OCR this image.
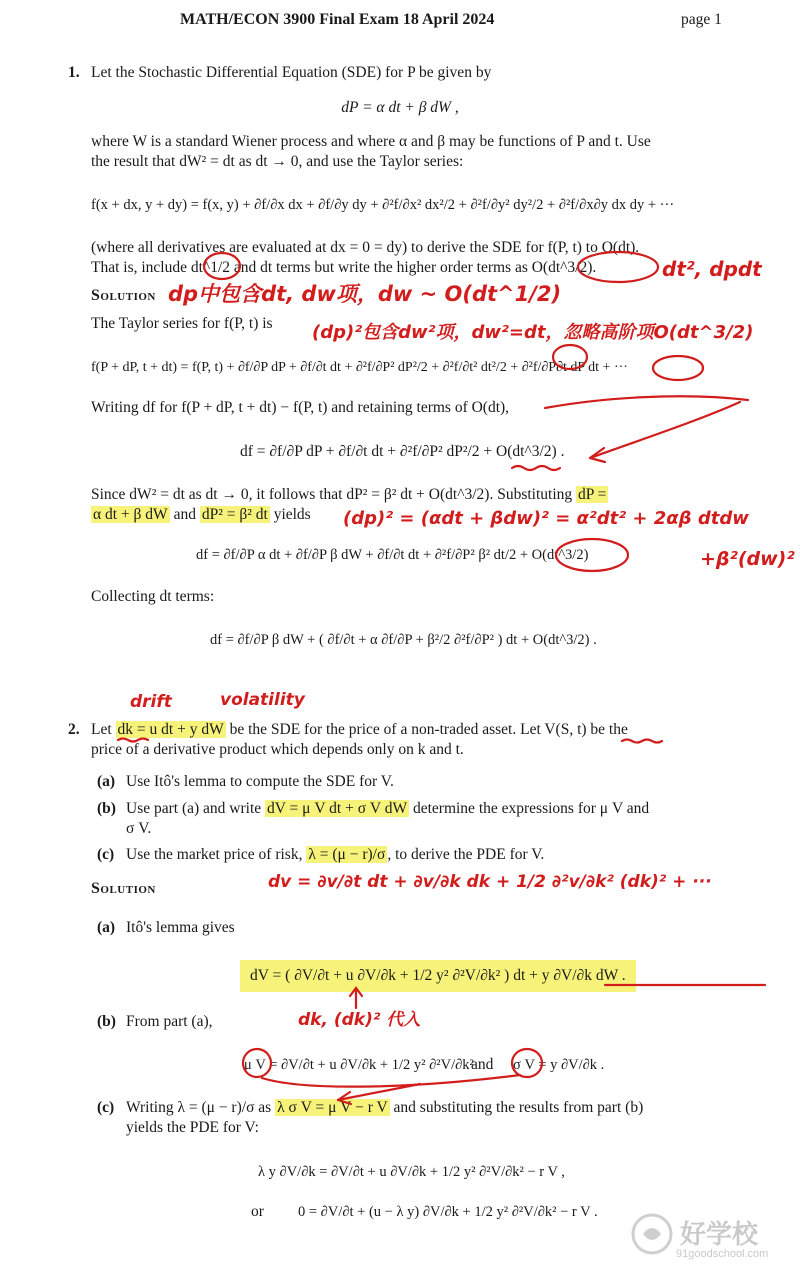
MATH/ECON 3900 Final Exam 18 April 2024	page 1
1. Let the Stochastic Differential Equation (SDE) for P be given by
dP = α dt + β dW ,
where W is a standard Wiener process and where α and β may be functions of P and t. Use
the result that dW² = dt as dt → 0, and use the Taylor series:
f(x + dx, y + dy) = f(x, y) + ∂f/∂x dx + ∂f/∂y dy + ∂²f/∂x² dx²/2 + ∂²f/∂y² dy²/2 + ∂²f/∂x∂y dx dy + ···
(where all derivatives are evaluated at dx = 0 = dy) to derive the SDE for f(P, t) to O(dt).
That is, include dt^1/2 and dt terms but write the higher order terms as O(dt^3/2).
Solution
The Taylor series for f(P, t) is
f(P + dP, t + dt) = f(P, t) + ∂f/∂P dP + ∂f/∂t dt + ∂²f/∂P² dP²/2 + ∂²f/∂t² dt²/2 + ∂²f/∂P∂t dP dt + ···
Writing df for f(P + dP, t + dt) − f(P, t) and retaining terms of O(dt),
df = ∂f/∂P dP + ∂f/∂t dt + ∂²f/∂P² dP²/2 + O(dt^3/2) .
Since dW² = dt as dt → 0, it follows that dP² = β² dt + O(dt^3/2). Substituting dP =
α dt + β dW and dP² = β² dt yields
df = ∂f/∂P α dt + ∂f/∂P β dW + ∂f/∂t dt + ∂²f/∂P² β² dt/2 + O(dt^3/2)
Collecting dt terms:
df = ∂f/∂P β dW + ( ∂f/∂t + α ∂f/∂P + β²/2 ∂²f/∂P² ) dt + O(dt^3/2) .
2. Let dk = u dt + y dW be the SDE for the price of a non-traded asset. Let V(S, t) be the
price of a derivative product which depends only on k and t.
(a) Use Itô's lemma to compute the SDE for V.
(b) Use part (a) and write dV = μ V dt + σ V dW determine the expressions for μ V and
σ V.
(c) Use the market price of risk, λ = (μ − r)/σ , to derive the PDE for V.
Solution
(a) Itô's lemma gives
dV = ( ∂V/∂t + u ∂V/∂k + 1/2 y² ∂²V/∂k² ) dt + y ∂V/∂k dW .
(b) From part (a),
μ V = ∂V/∂t + u ∂V/∂k + 1/2 y² ∂²V/∂k²
and σ V = y ∂V/∂k .
(c) Writing λ = (μ − r)/σ as λ σ V = μ V − r V and substituting the results from part (b)
yields the PDE for V:
λ y ∂V/∂k = ∂V/∂t + u ∂V/∂k + 1/2 y² ∂²V/∂k² − r V ,
or 0 = ∂V/∂t + (u − λ y) ∂V/∂k + 1/2 y² ∂²V/∂k² − r V .
dt², dpdt
dp中包含dt, dw项，dw ~ O(dt^1/2)
(dp)²包含dw²项，dw²=dt，忽略高阶项O(dt^3/2)
(dp)² = (αdt + βdw)² = α²dt² + 2αβ dtdw
+β²(dw)²
drift	volatility
dv = ∂v/∂t dt + ∂v/∂k dk + 1/2 ∂²v/∂k² (dk)² + ···
dk, (dk)² 代入
好学校
91goodschool.com
